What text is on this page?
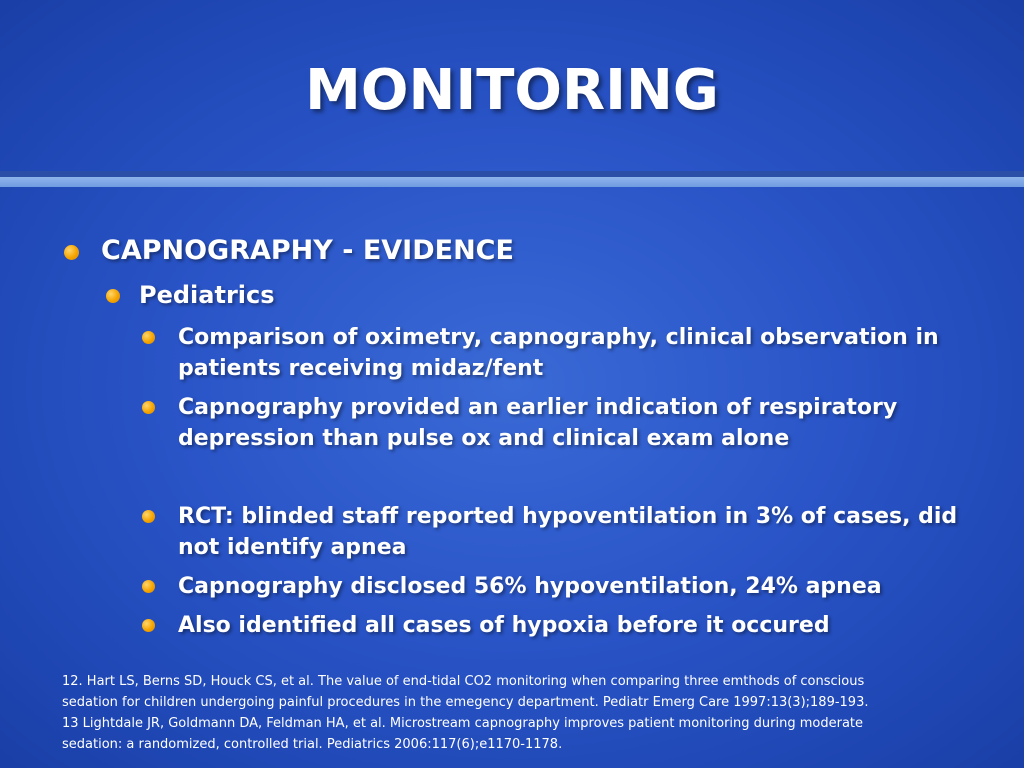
MONITORING
CAPNOGRAPHY - EVIDENCE
Pediatrics
Comparison of oximetry, capnography, clinical observation in
patients receiving midaz/fent
Capnography provided an earlier indication of respiratory
depression than pulse ox and clinical exam alone
RCT: blinded staff reported hypoventilation in 3% of cases, did
not identify apnea
Capnography disclosed 56% hypoventilation, 24% apnea
Also identified all cases of hypoxia before it occured
12. Hart LS, Berns SD, Houck CS, et al. The value of end-tidal CO2 monitoring when comparing three emthods of conscious
sedation for children undergoing painful procedures in the emegency department. Pediatr Emerg Care 1997:13(3);189-193.
13 Lightdale JR, Goldmann DA, Feldman HA, et al. Microstream capnography improves patient monitoring during moderate
sedation: a randomized, controlled trial. Pediatrics 2006:117(6);e1170-1178.
